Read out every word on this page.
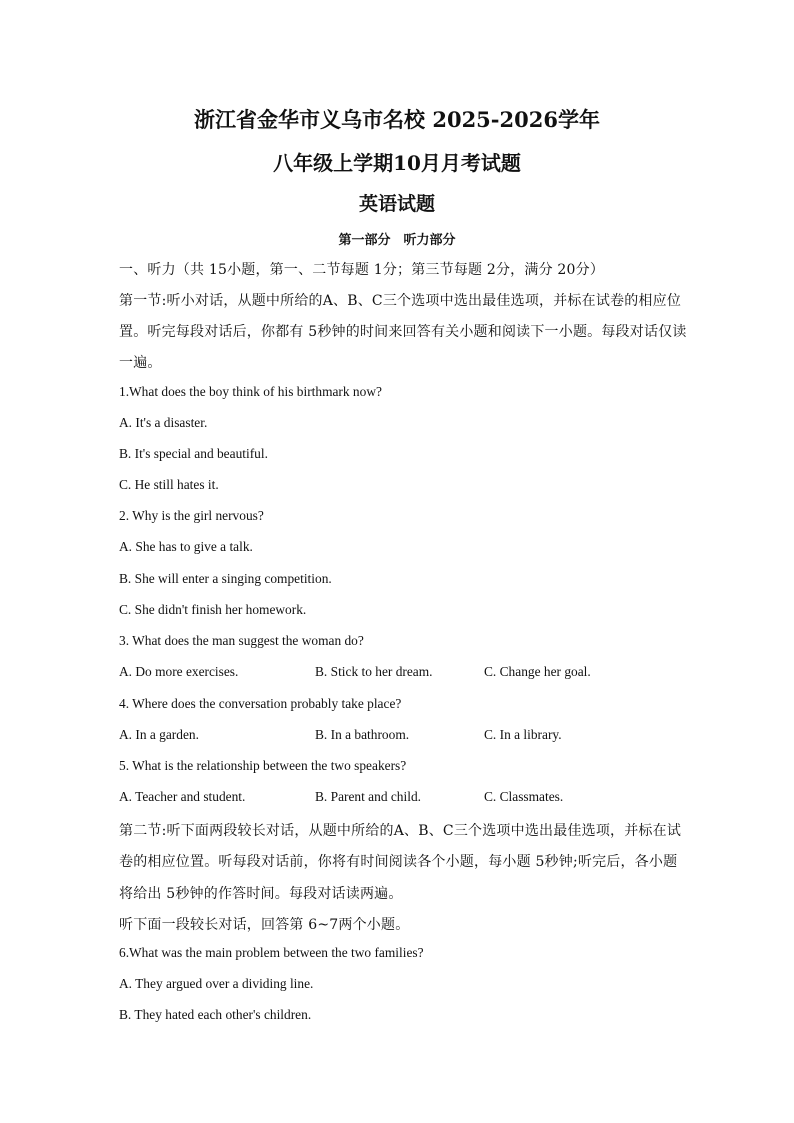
浙江省金华市义乌市名校 2025-2026学年
八年级上学期10月月考试题
英语试题
第一部分　听力部分
一、听力（共 15小题，第一、二节每题 1分；第三节每题 2分，满分 20分）
第一节:听小对话，从题中所给的A、B、C三个选项中选出最佳选项，并标在试卷的相应位
置。听完每段对话后，你都有 5秒钟的时间来回答有关小题和阅读下一小题。每段对话仅读
一遍。
1.What does the boy think of his birthmark now?
A. It's a disaster.
B. It's special and beautiful.
C. He still hates it.
2. Why is the girl nervous?
A. She has to give a talk.
B. She will enter a singing competition.
C. She didn't finish her homework.
3. What does the man suggest the woman do?
A. Do more exercises.	B. Stick to her dream.	C. Change her goal.
4. Where does the conversation probably take place?
A. In a garden.	B. In a bathroom.	C. In a library.
5. What is the relationship between the two speakers?
A. Teacher and student.	B. Parent and child.	C. Classmates.
第二节:听下面两段较长对话，从题中所给的A、B、C三个选项中选出最佳选项，并标在试
卷的相应位置。听每段对话前，你将有时间阅读各个小题，每小题 5秒钟;听完后，各小题
将给出 5秒钟的作答时间。每段对话读两遍。
听下面一段较长对话，回答第 6~7两个小题。
6.What was the main problem between the two families?
A. They argued over a dividing line.
B. They hated each other's children.
